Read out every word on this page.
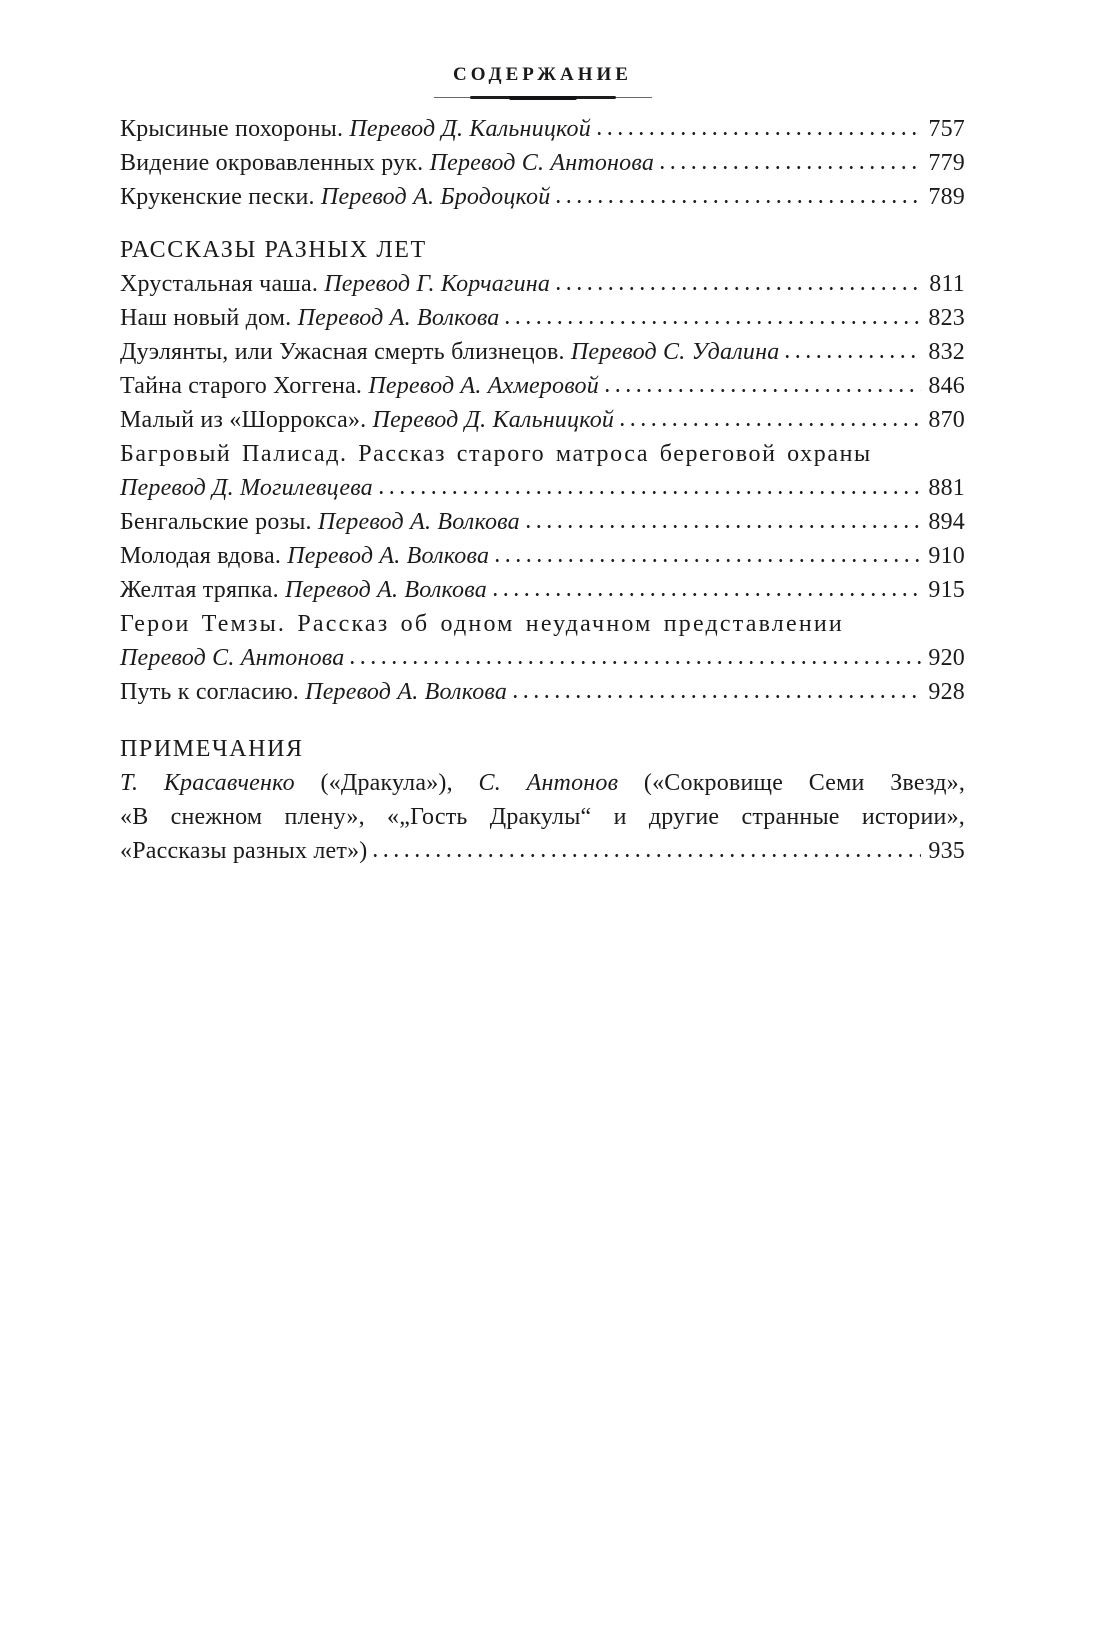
СОДЕРЖАНИЕ
Крысиные похороны. Перевод Д. Кальницкой	757
Видение окровавленных рук. Перевод С. Антонова	779
Крукенские пески. Перевод А. Бродоцкой	789
РАССКАЗЫ РАЗНЫХ ЛЕТ
Хрустальная чаша. Перевод Г. Корчагина	811
Наш новый дом. Перевод А. Волкова	823
Дуэлянты, или Ужасная смерть близнецов. Перевод С. Удалина	832
Тайна старого Хоггена. Перевод А. Ахмеровой	846
Малый из «Шоррокса». Перевод Д. Кальницкой	870
Багровый Палисад. Рассказ старого матроса береговой охраны
Перевод Д. Могилевцева	881
Бенгальские розы. Перевод А. Волкова	894
Молодая вдова. Перевод А. Волкова	910
Желтая тряпка. Перевод А. Волкова	915
Герои Темзы. Рассказ об одном неудачном представлении
Перевод С. Антонова	920
Путь к согласию. Перевод А. Волкова	928
ПРИМЕЧАНИЯ
Т. Красавченко («Дракула»), С. Антонов («Сокровище Семи Звезд»,
«В снежном плену», «„Гость Дракулы“ и другие странные истории»,
«Рассказы разных лет»)	935
